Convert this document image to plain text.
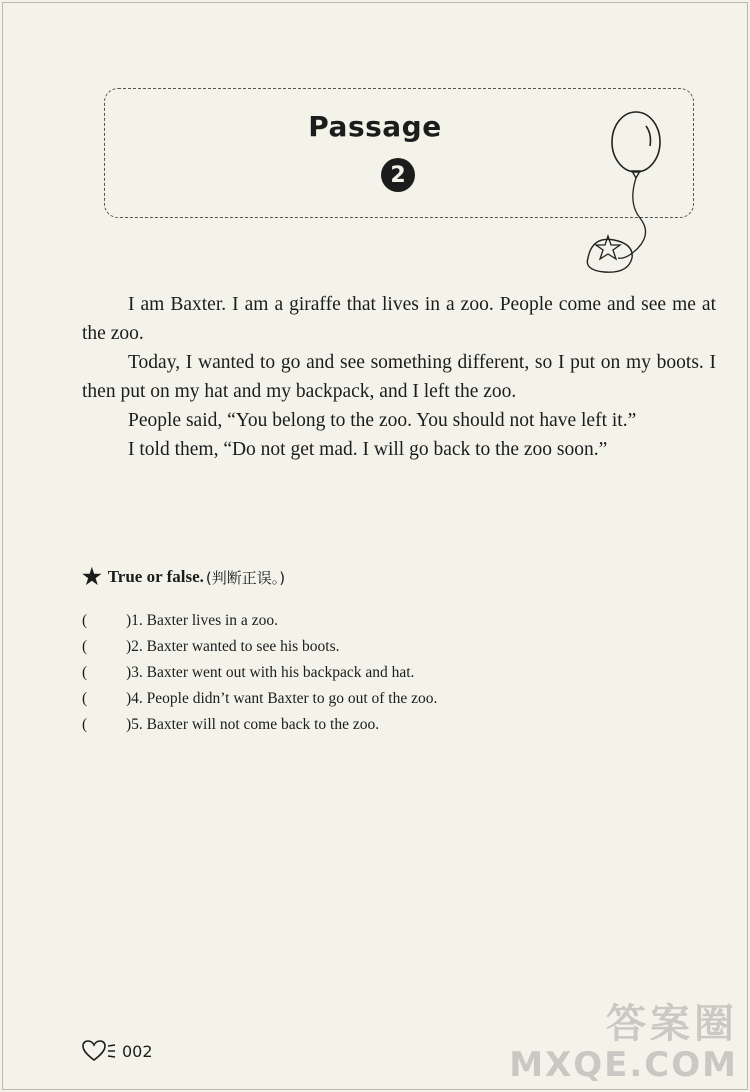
Passage
2

I am Baxter. I am a giraffe that lives in a zoo. People come and see me at the zoo.

Today, I wanted to go and see something different, so I put on my boots. I then put on my hat and my backpack, and I left the zoo.

People said, “You belong to the zoo. You should not have left it.”

I told them, “Do not get mad. I will go back to the zoo soon.”

★ True or false. (判断正误。)
(	)1. Baxter lives in a zoo.
(	)2. Baxter wanted to see his boots.
(	)3. Baxter went out with his backpack and hat.
(	)4. People didn’t want Baxter to go out of the zoo.
(	)5. Baxter will not come back to the zoo.
002
答案圈
MXQE.COM
